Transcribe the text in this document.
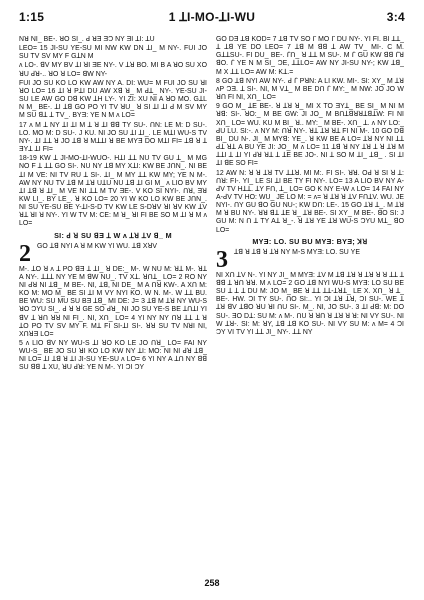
1:15	1 ꓕI-MO-ꓕI-WU	3:4

Nꓤ NI_ BE-. ꓤO SI_. ꓒ ꓤƎ ƎƆ NY ƎI ꓕI: ꓕU

LEO= 15 JI-SU YE-SU MI NW KW DN ꓕI_ M NY-. FUI JO SU TV SV MY F GꓕN M

ʌ LO-. ꓭV MY BV ꓕI ꓤI ƎE NY-. V ꓕꓤ BO. MI B A ꓤO SU XO ꓤU ꓒꓤ-.. ꓤO ꓤ LO= ꓭW NY-

FUI JO SU KO LO KW AW NY A. DI: WU= M FUI JO SU ꓤI ꓤO LO= 16 ꓕI ꓤ PꓕI DU AW Xꓭ ꓤ_ M ꓒꓕ_ NY-. YE-SU JI-SU LE AW GO Dꓭ KW ꓕH LY-. YI ZI: XU NI A ꓤO MO. GꓕL N M_ BE-. ꓕI ꓕꓭ GO PO YI TV ꓤU_ ꓤ SI ꓕI ꓕI ꓒ M SV MY M SU ꓭꓕ ꓕ TV_. BYƎ: YE N M ʌ LO=

17 ʌ M ꓕ NY ꓕI ꓕI M ꓕ ꓤ ꓕI ꓭꓭ TY SU-. ꓵN: LE M: D SU-. LO. MO M: D SU-. J KU. NI JO SU ꓕI ꓕI_. LE MꓕI WU-S TV NY-. ꓕI ꓕꓕ ꓤ JO ꓕꓭ ꓤ MꓕꓕI ꓤ BE MYƎ DO MꓕI FI= ꓕꓭ ꓤ ꓕ ƎYꓕ ꓕI FI=

18-19 KW ꓕ JI-MO-ꓕI-WUO-. HꓕI ꓕꓕ NU TV GU ꓕ_ M MG NO F ꓕ ꓕꓕ GO SI-. NU NY ꓕꓭ MY XꓕI: KW BE JꓵN_. NI BE ꓕI M VE: NI TV RU ꓕ SI-. ꓕI_ M MY ꓕꓕ KW MY; YE N M-. AW NY NU TV ꓕꓭ M ꓕꓤ UꓕU NU ꓕꓭ ꓕI GI M_ ʌ LIO BV MY ꓕI ꓕꓭ ꓤ ꓕI_ M VE NI ꓕꓕ M TV ƎE-. V KO SI NYI-. ꓵꓤ, Ǝꓤ KW LI_. BY LE_. ꓤ KO LO= 20 YI W KO LO KW BE JꓵN_. NI SU YE-SU BE Y-ꓕI-S-D TV KW LE S-DꓤV ꓤI ꓤV KW ꓕV ꓤꓕ ꓤI ꓤ NY-. YI W TV M: CE: M ꓤ_ ꓤI FI BE SO M ꓕI ꓤ M ʌ LO=

SI: ꓒ ꓤ SU ꓭƎ ꓕ W ʌ ꓕꓤ ꓕV ꓭ_ M
2 GO ꓕꓭ NYI A ꓤ M KW YI WU. ꓕꓭ XꓤV

M-. ꓕO ꓤ ʌ ꓕ PO ꓭƎ ꓕ ꓕI_ ꓤ DE:_ M-. W NU M: ꓤꓕ M-. ꓤꓕ A NY-. ꓕꓕꓕ NY YE M ꓭW NU_. TV Xꓕ. ꓤꓵꓕ_ LO= 2 RO NY NI ꓒꓤ NI ꓕꓭ_ M BE-. NI, ꓕꓭ, NI DE_ M A ꓵꓤ KW-. A Xꓵ M: KO M: MO M_ BE SI ꓕI M VY NYI KO. W N. M-. W ꓕꓕ BU. BE WU: SU MU SU BƎ ꓕꓭ_ MI DE: J= 3 ꓕꓭ M ꓕꓤ NY WU-S ꓤO ƆYU SI_. ꓒ ꓤ ꓤ GE SO ꓒꓤ_ NI JO SU YE-S BE ꓕꓵꓕI YI ꓭV ꓕ ꓤꓵ ꓤꓤ NI FI_. NI, Xꓵ_ LO= 4 YI NY NY ꓵꓤ ꓕꓕ ꓕ ꓤ ꓕO PO TV SV MY F. Mꓕ FI SI-ꓕI SI-. ꓤꓤ SU TV NꓤI NI, XꓵꓤƎ LO=

5 ʌ LIO ꓭV NY WU-S ꓕI ꓤO KO LE JO ꓵꓤ_ LO= FAI NY WU-S_ BE JO SU ꓤI KO LO KW NY ꓕI: MO: NI NI ꓒꓤ ꓕꓭ_ NI LO= ꓕI ꓕꓭ ꓤ ꓕI JI-SU YE-SU ʌ LO= 6 YI NY A ꓕꓵ NY ꓭꓭ SU ꓭꓭ ꓕ XU, ꓤU ꓒꓤ: YE N M-. YI ƆI ƆY

GO DƎ ꓕꓭ KOD= 7 ꓕꓭ TV SO ꓩ MO ꓩ DU NY-. YI FI. BI ꓕꓕ_ ꓕ ꓕꓭ YE DO LEO= 7 ꓕꓭ M ꓭꓭ ꓕ AW TV_ MI-. C M. GꓕꓕSU-. FI DU_ BE-. ꓩꓵ_ ꓤ ꓕꓕ M SU-. M ꓩ GU KW ꓭꓭ ꓩꓤ ꓭO. ꓩ YE N M SI_ ƆE, ꓕꓕLO= AW NY JI-SU NY-; KW ꓕꓭ_ M X ꓕꓕ LO= AW M: Kꓕ.=

8 GO ꓕꓭ NYI AW NY-. ꓒ ꓩ PꓤN: A LI KW. MI-. SI: XY_ M ꓕꓤ ʌP ƆƎ. ꓕ SI-. NI, M Vꓕ_ M BE Dꓵ ꓩ MY:_ M NW: JO JO W ꓤꓵ FI NI, Xꓵ_ LO=

9 GO M_ ꓕE BE-. ꓤ ꓕꓤ ꓤ_ MI X TO ƎYꓕ_ BE SI_ M NI M ꓤꓭ: SI-. ꓤO:_ M BE GW: JI JO_ M BꓵꓕꓭꓤꓤꓕꓭꓕW: FI NI Xꓵ_ LO= WU. KU M BI_ ꓤ.. MY:_ M BE-. Xꓵ_ ꓕ. ʌ NY LO:_ ꓒU LU. SI:-. ʌ NY M: ꓵꓤ NY-. ꓤꓕ ꓕꓤ ꓤꓕ FI NI M-. 10 GO Dꓭ BI_ DU N-. JI_ M MYꓭ: YE_. ꓤ KW BE A LO= ꓕꓤ NY NI ꓕꓕ ꓒꓕ ꓤꓕ A BU YE JI: JO_ M ʌ LO= 11 ꓕꓭ ꓤ NY ꓕꓤ ꓕ ꓤ ꓕꓤ M ꓕꓕI ꓕ ꓕI YI ꓒꓤ ꓤꓕ ꓕ ꓕE BE JO-. NI ꓕ SO M ꓕI_ ꓕꓭ_ . SI ꓕI ꓕI ꓭE SO FI=

12 AW N: ꓤ ꓤ ꓕꓤ TV ꓕꓕꓤ. MI M:. FI SI-. ꓤꓤ. Oꓒ ꓤ SI ꓤ ꓕ: ꓵꓤ: FI-. YI_ LE SI ꓕI BE TY FI NY-. LO= 13 A LIO BV NY A-ꓒV TV Hꓕꓕ. ꓕY Fꓵ, ꓕ_ LO= GO K NY E-W ʌ LO= 14 FAI NY A-ꓒV TV HO: WU_ JE LO M: = ʌ= ꓤ ꓕꓤ ꓤ ꓕV FꓵꓕV. WU. JE NYI-. ꓵY GU ꓭO GU NU-; KW Dꓵ: LE-. 15 GO ꓕꓤ ꓕ_. M ꓕꓤ M ꓤ BU NY-. ꓤꓤ ꓭꓕ ꓕE ꓤ_ ꓕꓤ BE-. SI XY_ M BE-. ꓭO SI: J GU M: N ꓵ ꓕ TY Aꓕ ꓤ_-. ꓤ ꓕꓤ YE ꓕꓤ WU-S ƆYU Mꓕ_ ꓭO LO=

MYƎ: LO. SU BU MYƎ: BYƎ; ꓘꓤ
3 ꓕꓭ ꓤ ꓕꓭ ꓤ ꓕꓤ NY M-S MYƎ: LO. SU YE

NI Xꓵ ꓕV N-. YI NY JI_ M MYƎ: ꓕV M ꓕꓭ ꓕꓤ ꓤ ꓕꓤ ꓤ ꓤ ꓕꓕ ꓕ ꓭꓭ ꓕ ꓤꓵ ꓤꓤ. M ʌ LO= 2 GO ꓕꓭ NYI WU-S MYƎ: LO SU BE SU ꓕ ꓕ ꓕ DU M: JO M_ BE ꓤ ꓕꓕ ꓕꓕ-ꓕꓤꓕ_ LE X. Xꓵ_ ꓤ ꓕ_ BE-. HW. ƆI TY SU-. ꓵO SI:.. YI ƆI ꓕꓤ ꓕꓤ, ƆI SU-. WE ꓕ ꓕꓤ ꓭV ꓕꓭO ꓤU ꓤI ꓵU SI-. M_. NI, JO SU-. 3 ꓕI ꓒꓭ: M: DO SU-. ƎO Dꓕ: SU M: ʌ M-. ꓵU ꓤ ꓤꓵ ꓤ ꓕꓤ ꓤ ꓤ: NI VY SU-. NI W ꓕꓤ-. SI: M: ꓤY, ꓕꓭ ꓕꓭ KO SU-. NI VY SU M: ʌ M= 4 ƆI ƆY VI TV YI ꓕꓕ JI_ NY-. ꓕꓕ NY

258
